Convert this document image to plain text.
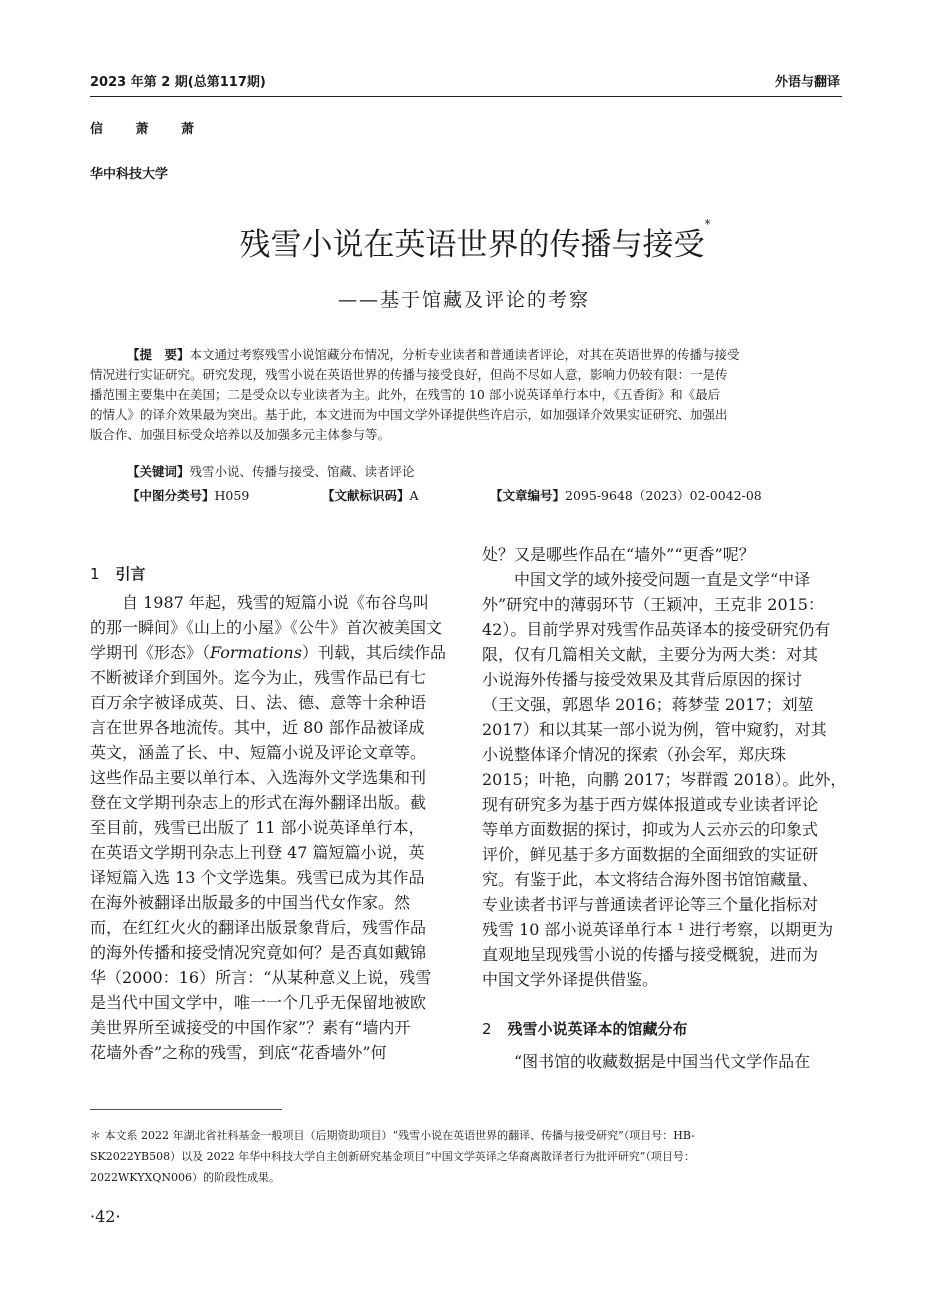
2023 年第 2 期(总第117期)	外语与翻译
信 萧 萧
华中科技大学
残雪小说在英语世界的传播与接受*
——基于馆藏及评论的考察
【提　要】本文通过考察残雪小说馆藏分布情况，分析专业读者和普通读者评论，对其在英语世界的传播与接受
情况进行实证研究。研究发现，残雪小说在英语世界的传播与接受良好，但尚不尽如人意，影响力仍较有限：一是传
播范围主要集中在美国；二是受众以专业读者为主。此外，在残雪的 10 部小说英译单行本中，《五香街》和《最后
的情人》的译介效果最为突出。基于此，本文进而为中国文学外译提供些许启示，如加强译介效果实证研究、加强出
版合作、加强目标受众培养以及加强多元主体参与等。
【关键词】残雪小说、传播与接受、馆藏、读者评论
【中图分类号】H059	【文献标识码】A	【文章编号】2095-9648（2023）02-0042-08
1 引言
　　自 1987 年起，残雪的短篇小说《布谷鸟叫
的那一瞬间》《山上的小屋》《公牛》首次被美国文
学期刊《形态》（Formations）刊载，其后续作品
不断被译介到国外。迄今为止，残雪作品已有七
百万余字被译成英、日、法、德、意等十余种语
言在世界各地流传。其中，近 80 部作品被译成
英文，涵盖了长、中、短篇小说及评论文章等。
这些作品主要以单行本、入选海外文学选集和刊
登在文学期刊杂志上的形式在海外翻译出版。截
至目前，残雪已出版了 11 部小说英译单行本，
在英语文学期刊杂志上刊登 47 篇短篇小说，英
译短篇入选 13 个文学选集。残雪已成为其作品
在海外被翻译出版最多的中国当代女作家。然
而，在红红火火的翻译出版景象背后，残雪作品
的海外传播和接受情况究竟如何？是否真如戴锦
华（2000：16）所言：“从某种意义上说，残雪
是当代中国文学中，唯一一个几乎无保留地被欧
美世界所至诚接受的中国作家”？素有“墙内开
花墙外香”之称的残雪，到底“花香墙外”何
处？又是哪些作品在“墙外”“更香”呢？
　　中国文学的域外接受问题一直是文学“中译
外”研究中的薄弱环节（王颖冲，王克非 2015：
42）。目前学界对残雪作品英译本的接受研究仍有
限，仅有几篇相关文献，主要分为两大类：对其
小说海外传播与接受效果及其背后原因的探讨
（王文强，郭恩华 2016；蒋梦莹 2017；刘堃
2017）和以其某一部小说为例，管中窥豹，对其
小说整体译介情况的探索（孙会军，郑庆珠
2015；叶艳，向鹏 2017；岑群霞 2018）。此外，
现有研究多为基于西方媒体报道或专业读者评论
等单方面数据的探讨，抑或为人云亦云的印象式
评价，鲜见基于多方面数据的全面细致的实证研
究。有鉴于此，本文将结合海外图书馆馆藏量、
专业读者书评与普通读者评论等三个量化指标对
残雪 10 部小说英译单行本 ¹ 进行考察，以期更为
直观地呈现残雪小说的传播与接受概貌，进而为
中国文学外译提供借鉴。
2 残雪小说英译本的馆藏分布
　　“图书馆的收藏数据是中国当代文学作品在
＊ 本文系 2022 年湖北省社科基金一般项目（后期资助项目）“残雪小说在英语世界的翻译、传播与接受研究”（项目号：HB-
SK2022YB508）以及 2022 年华中科技大学自主创新研究基金项目“中国文学英译之华裔离散译者行为批评研究”（项目号：
2022WKYXQN006）的阶段性成果。
·42·
